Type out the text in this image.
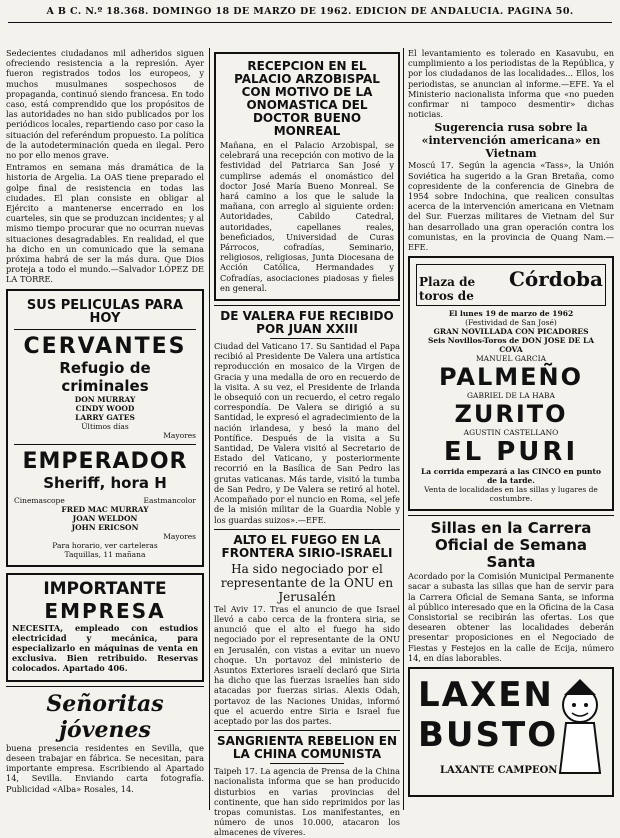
A B C. N.º 18.368. DOMINGO 18 DE MARZO DE 1962. EDICION DE ANDALUCIA. PAGINA 50.

Sedecientes ciudadanos mil adheridos siguen ofreciendo resistencia a la represión. Ayer fueron registrados todos los europeos, y muchos musulmanes sospechosos de propaganda, continuó siendo francesa. En todo caso, está comprendido que los propósitos de las autoridades no han sido publicados por los periódicos locales, repartiendo caso por caso la situación del referéndum propuesto. La política de la autodeterminación queda en ilegal. Pero no por ello menos grave.

Entramos en semana más dramática de la historia de Argelia. La OAS tiene preparado el golpe final de resistencia en todas las ciudades. El plan consiste en obligar al Ejército a mantenerse encerrado en los cuarteles, sin que se produzcan incidentes; y al mismo tiempo procurar que no ocurran nuevas situaciones desagradables. En realidad, el que ha dicho en un comunicado que la semana próxima habrá de ser la más dura. Que Dios proteja a todo el mundo.—Salvador LÓPEZ DE LA TORRE.

SUS PELICULAS PARA HOY
CERVANTES
Refugio de criminales
DON MURRAY
CINDY WOOD
LARRY GATES
Últimos días
Mayores
EMPERADOR
Sheriff, hora H
Cinemascope	Eastmancolor
FRED MAC MURRAY
JOAN WELDON
JOHN ERICSON
Mayores
Para horario, ver carteleras
Taquillas, 11 mañana
IMPORTANTE
EMPRESA

NECESITA, empleado con estudios electricidad y mecánica, para especializarlo en máquinas de venta en exclusiva. Bien retribuido. Reservas colocados. Apartado 406.

Señoritas jóvenes

buena presencia residentes en Sevilla, que deseen trabajar en fábrica. Se necesitan, para importante empresa. Escribiendo al Apartado 14, Sevilla. Enviando carta fotografía. Publicidad «Alba» Rosales, 14.

RECEPCION EN EL PALACIO ARZOBISPAL CON MOTIVO DE LA ONOMASTICA DEL DOCTOR BUENO MONREAL

Mañana, en el Palacio Arzobispal, se celebrará una recepción con motivo de la festividad del Patriarca San José y cumplirse además el onomástico del doctor José María Bueno Monreal. Se hará camino a los que le salude la mañana, con arreglo al siguiente orden: Autoridades, Cabildo Catedral, autoridades, capellanes reales, beneficiados, Universidad de Curas Párrocos, cofradías, Seminario, religiosos, religiosas, Junta Diocesana de Acción Católica, Hermandades y Cofradías, asociaciones piadosas y fieles en general.

DE VALERA FUE RECIBIDO POR JUAN XXIII

Ciudad del Vaticano 17. Su Santidad el Papa recibió al Presidente De Valera una artística reproducción en mosaico de la Virgen de Gracia y una medalla de oro en recuerdo de la visita. A su vez, el Presidente de Irlanda le obsequió con un recuerdo, el cetro regalo correspondía. De Valera se dirigió a su Santidad, le expresó el agradecimiento de la nación irlandesa, y besó la mano del Pontífice. Después de la visita a Su Santidad, De Valera visitó al Secretario de Estado del Vaticano, y posteriormente recorrió en la Basílica de San Pedro las grutas vaticanas. Más tarde, visitó la tumba de San Pedro, y De Valera se retiró al hotel. Acompañado por el nuncio en Roma, «el jefe de la misión militar de la Guardia Noble y los guardas suizos».—EFE.

ALTO EL FUEGO EN LA FRONTERA SIRIO-ISRAELI
Ha sido negociado por el representante de la ONU en Jerusalén

Tel Aviv 17. Tras el anuncio de que Israel llevó a cabo cerca de la frontera siria, se anunció que el alto el fuego ha sido negociado por el representante de la ONU en Jerusalén, con vistas a evitar un nuevo choque. Un portavoz del ministerio de Asuntos Exteriores israelí declaró que Siria ha dicho que las fuerzas israelíes han sido atacadas por fuerzas sirias. Alexis Odah, portavoz de las Naciones Unidas, informó que el acuerdo entre Siria e Israel fue aceptado por las dos partes.

SANGRIENTA REBELION EN LA CHINA COMUNISTA

Taipeh 17. La agencia de Prensa de la China nacionalista informa que se han producido disturbios en varias provincias del continente, que han sido reprimidos por las tropas comunistas. Los manifestantes, en número de unos 10.000, atacaron los almacenes de víveres.

El levantamiento es tolerado en Kasavubu, en cumplimiento a los periodistas de la República, y por los ciudadanos de las localidades... Ellos, los periodistas, se anuncian al informe.—EFE. Ya el Ministerio nacionalista informa que «no pueden confirmar ni tampoco desmentir» dichas noticias.

Sugerencia rusa sobre la «intervención americana» en Vietnam

Moscú 17. Según la agencia «Tass», la Unión Soviética ha sugerido a la Gran Bretaña, como copresidente de la conferencia de Ginebra de 1954 sobre Indochina, que realicen consultas acerca de la intervención americana en Vietnam del Sur. Fuerzas militares de Vietnam del Sur han desarrollado una gran operación contra los comunistas, en la provincia de Quang Nam.—EFE.

Plaza de toros de
Córdoba
El lunes 19 de marzo de 1962
(Festividad de San José)
GRAN NOVILLADA CON PICADORES
Seis Novillos-Toros de DON JOSE DE LA COVA
MANUEL GARCIA
PALMEÑO
GABRIEL DE LA HABA
ZURITO
AGUSTIN CASTELLANO
EL PURI
La corrida empezará a las CINCO en punto de la tarde.
Venta de localidades en las sillas y lugares de costumbre.
Sillas en la Carrera Oficial de Semana Santa

Acordado por la Comisión Municipal Permanente sacar a subasta las sillas que han de servir para la Carrera Oficial de Semana Santa, se informa al público interesado que en la Oficina de la Casa Consistorial se recibirán las ofertas. Los que desearen obtener las localidades deberán presentar proposiciones en el Negociado de Fiestas y Festejos en la calle de Ecija, número 14, en días laborables.

LAXEN
BUSTO
LAXANTE CAMPEON
